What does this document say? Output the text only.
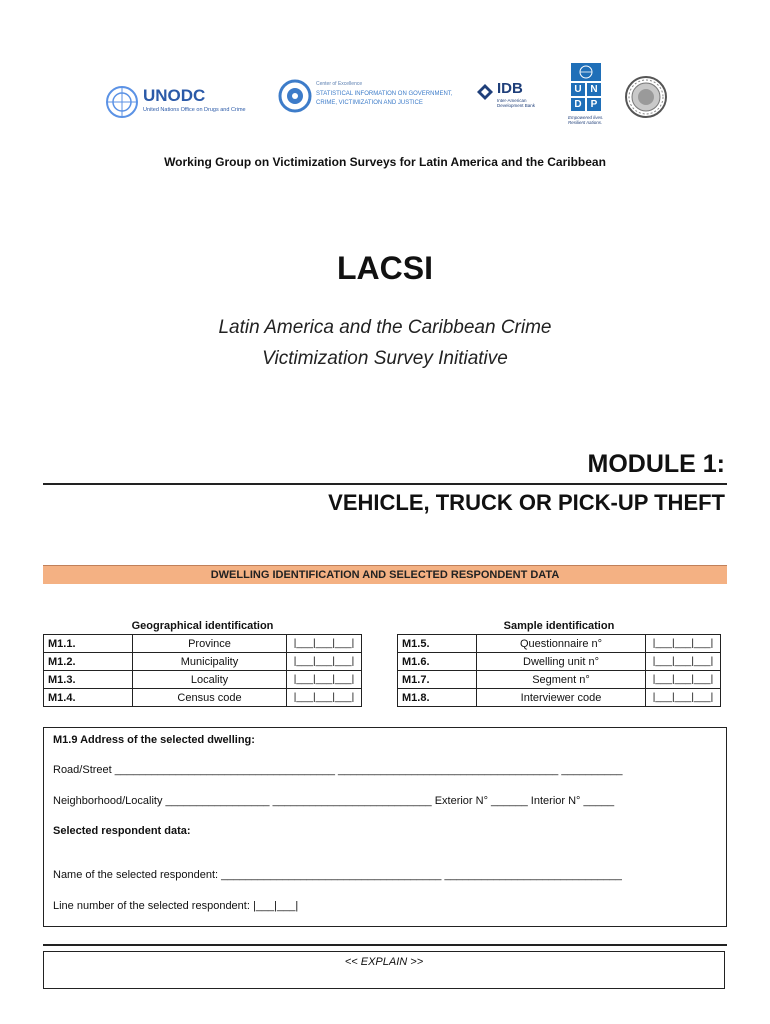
UNODC
United Nations Office on Drugs and Crime
Center of Excellence
STATISTICAL INFORMATION ON GOVERNMENT,
CRIME, VICTIMIZATION AND JUSTICE
IDB
Inter-American Development Bank
U N
D P
Empowered lives. Resilient nations.
Working Group on Victimization Surveys for Latin America and the Caribbean
LACSI
Latin America and the Caribbean Crime
Victimization Survey Initiative
MODULE 1:
VEHICLE, TRUCK OR PICK-UP THEFT
DWELLING IDENTIFICATION AND SELECTED RESPONDENT DATA
Geographical identification		
M1.1.	Province	|___|___|___|
M1.2.	Municipality	|___|___|___|
M1.3.	Locality	|___|___|___|
M1.4.	Census code	|___|___|___|
Sample identification		
M1.5.	Questionnaire n°	|___|___|___|
M1.6.	Dwelling unit n°	|___|___|___|
M1.7.	Segment n°	|___|___|___|
M1.8.	Interviewer code	|___|___|___|
M1.9 Address of the selected dwelling:
Road/Street ____________________________________ ____________________________________ __________
Neighborhood/Locality _________________ __________________________ Exterior N° ______ Interior N° _____
Selected respondent data:
Name of the selected respondent: ____________________________________ _____________________________
Line number of the selected respondent: |___|___|
<< EXPLAIN >>
